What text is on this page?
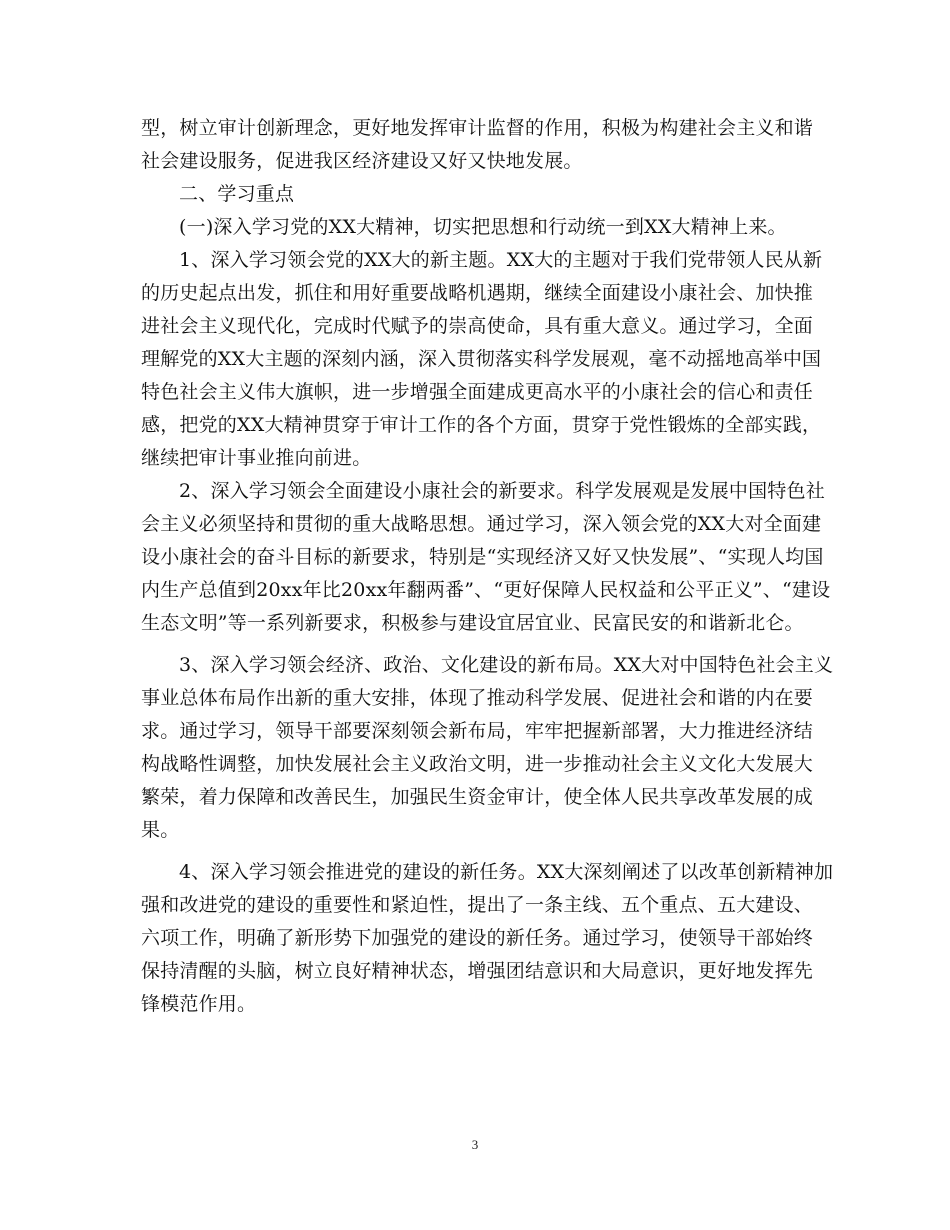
型，树立审计创新理念，更好地发挥审计监督的作用，积极为构建社会主义和谐
社会建设服务，促进我区经济建设又好又快地发展。
二、学习重点
(一)深入学习党的XX大精神，切实把思想和行动统一到XX大精神上来。
1、深入学习领会党的XX大的新主题。XX大的主题对于我们党带领人民从新
的历史起点出发，抓住和用好重要战略机遇期，继续全面建设小康社会、加快推
进社会主义现代化，完成时代赋予的崇高使命，具有重大意义。通过学习，全面
理解党的XX大主题的深刻内涵，深入贯彻落实科学发展观，毫不动摇地高举中国
特色社会主义伟大旗帜，进一步增强全面建成更高水平的小康社会的信心和责任
感，把党的XX大精神贯穿于审计工作的各个方面，贯穿于党性锻炼的全部实践，
继续把审计事业推向前进。
2、深入学习领会全面建设小康社会的新要求。科学发展观是发展中国特色社
会主义必须坚持和贯彻的重大战略思想。通过学习，深入领会党的XX大对全面建
设小康社会的奋斗目标的新要求，特别是“实现经济又好又快发展”、“实现人均国
内生产总值到20xx年比20xx年翻两番”、“更好保障人民权益和公平正义”、“建设
生态文明”等一系列新要求，积极参与建设宜居宜业、民富民安的和谐新北仑。
3、深入学习领会经济、政治、文化建设的新布局。XX大对中国特色社会主义
事业总体布局作出新的重大安排，体现了推动科学发展、促进社会和谐的内在要
求。通过学习，领导干部要深刻领会新布局，牢牢把握新部署，大力推进经济结
构战略性调整，加快发展社会主义政治文明，进一步推动社会主义文化大发展大
繁荣，着力保障和改善民生，加强民生资金审计，使全体人民共享改革发展的成
果。
4、深入学习领会推进党的建设的新任务。XX大深刻阐述了以改革创新精神加
强和改进党的建设的重要性和紧迫性，提出了一条主线、五个重点、五大建设、
六项工作，明确了新形势下加强党的建设的新任务。通过学习，使领导干部始终
保持清醒的头脑，树立良好精神状态，增强团结意识和大局意识，更好地发挥先
锋模范作用。
3
